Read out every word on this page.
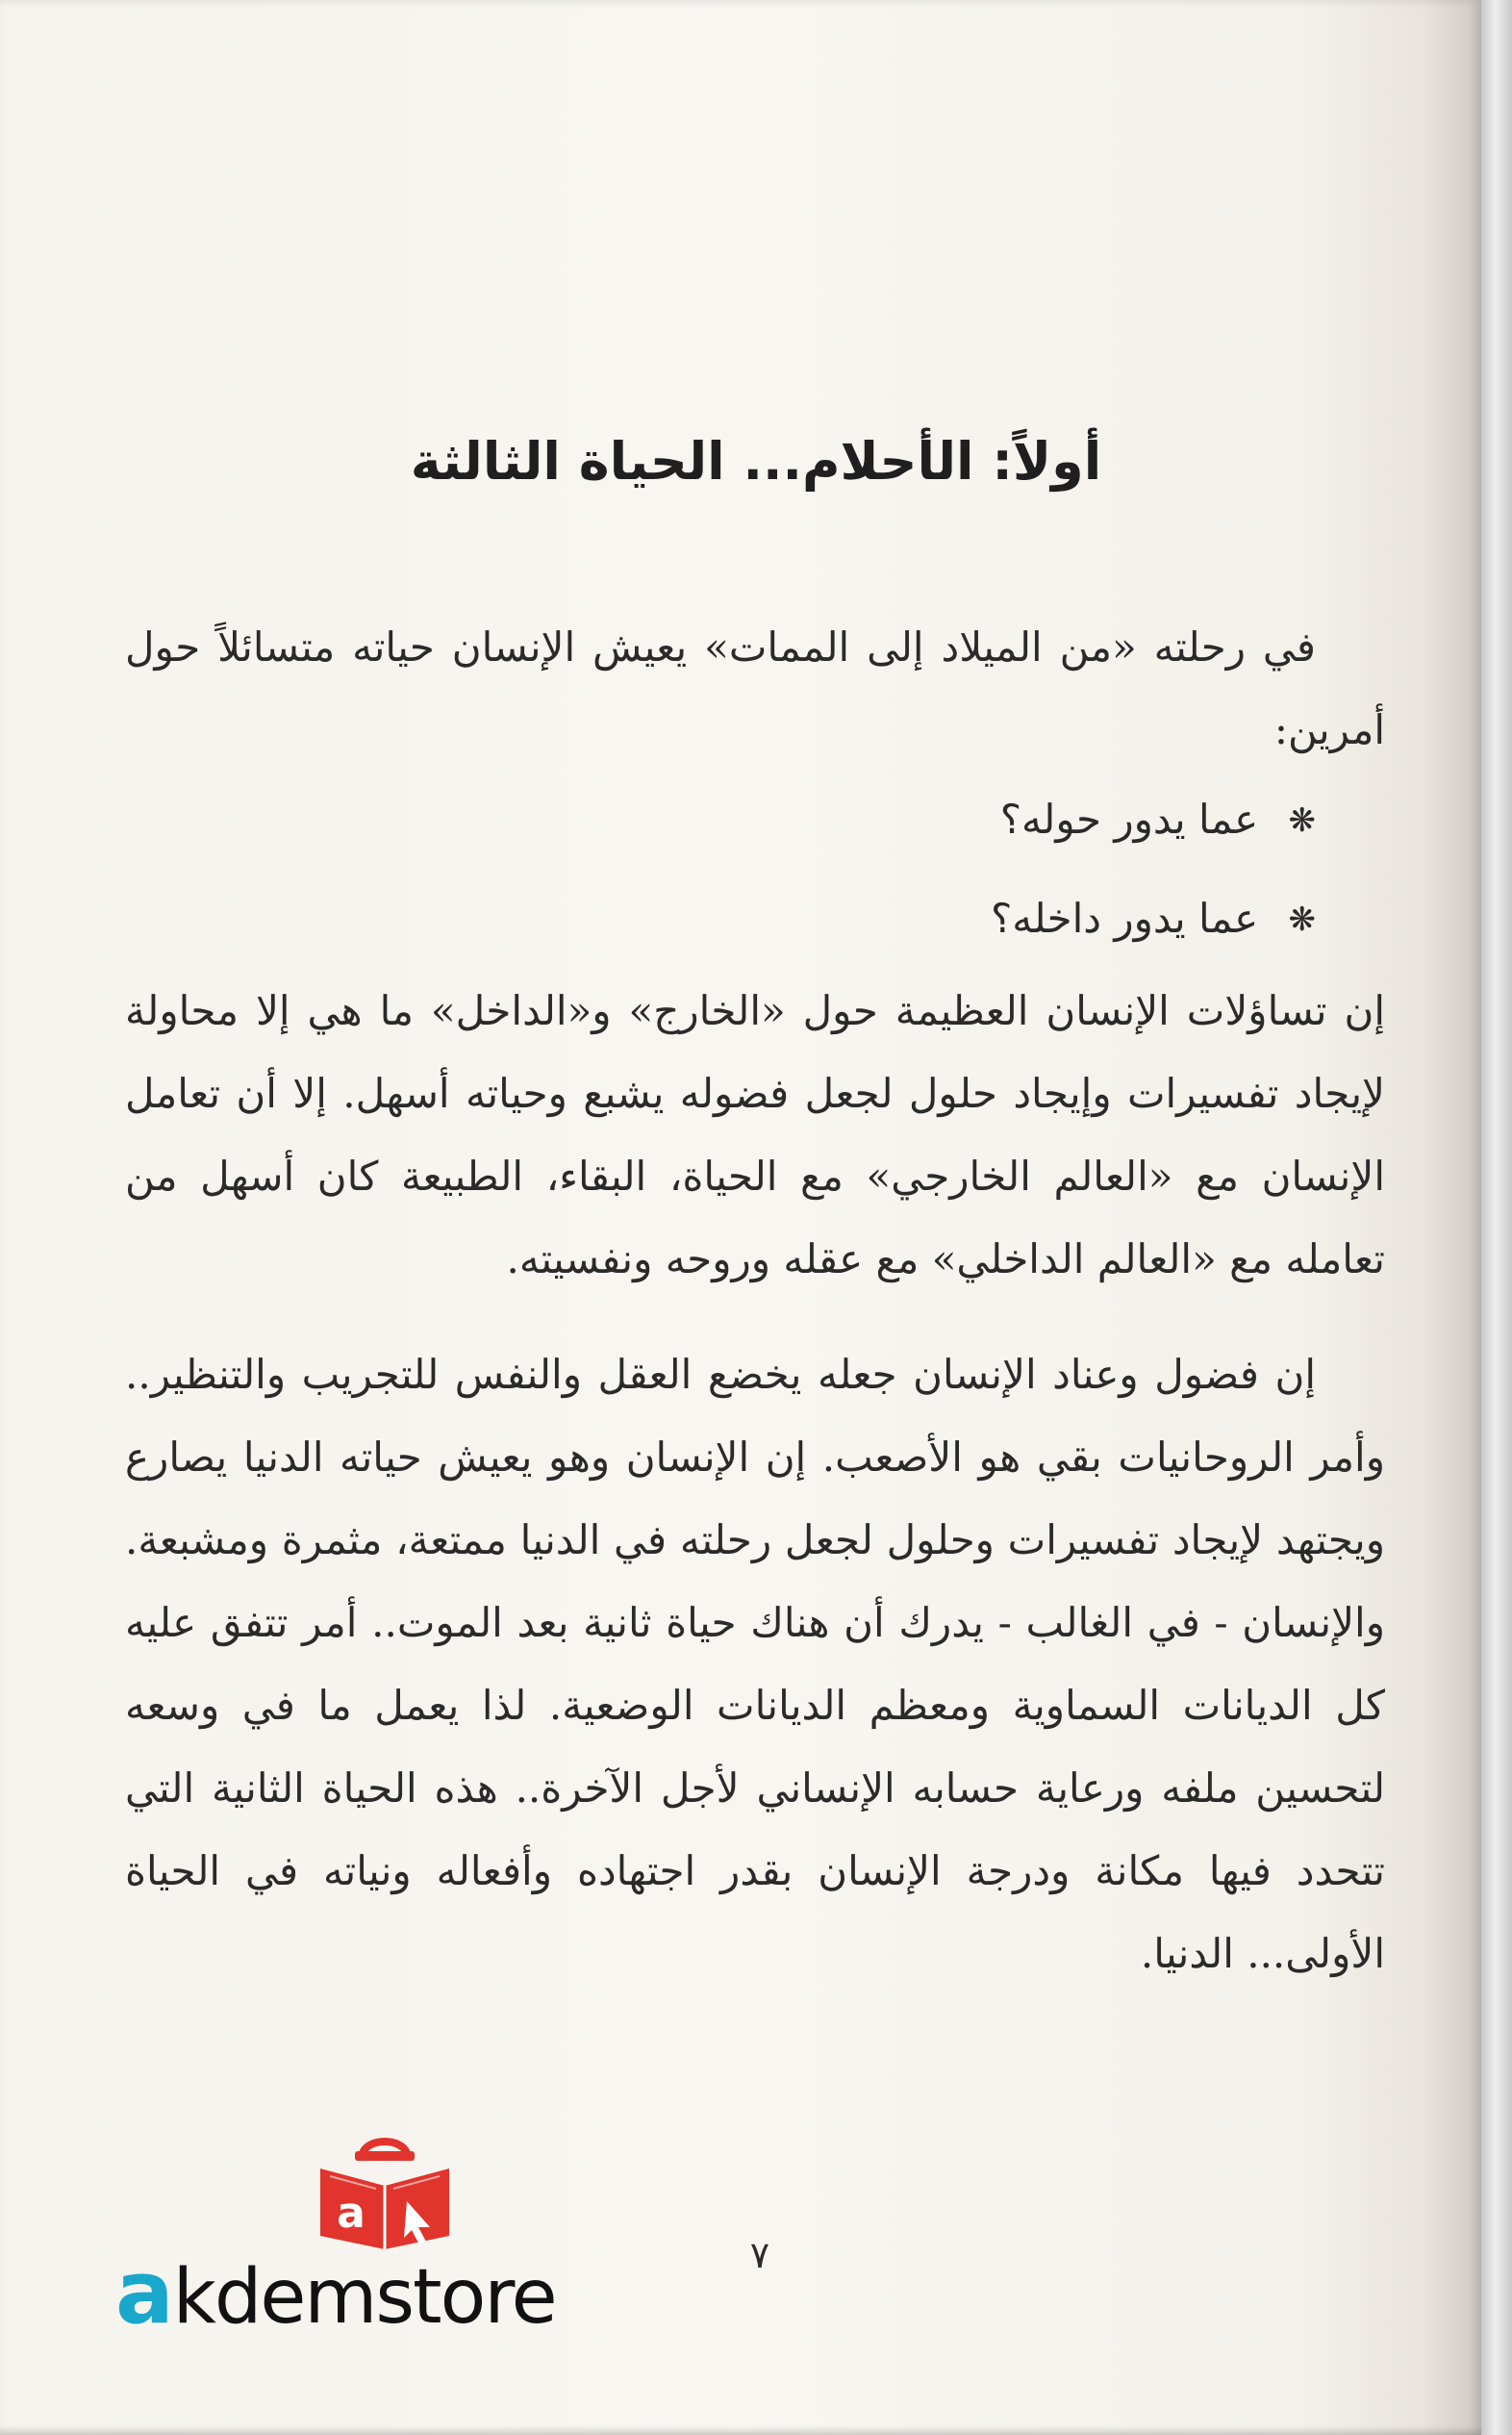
أولاً: الأحلام... الحياة الثالثة

في رحلته «من الميلاد إلى الممات» يعيش الإنسان حياته متسائلاً حول أمرين:

❋ عما يدور حوله؟
❋ عما يدور داخله؟

إن تساؤلات الإنسان العظيمة حول «الخارج» و«الداخل» ما هي إلا محاولة لإيجاد تفسيرات وإيجاد حلول لجعل فضوله يشبع وحياته أسهل. إلا أن تعامل الإنسان مع «العالم الخارجي» مع الحياة، البقاء، الطبيعة كان أسهل من تعامله مع «العالم الداخلي» مع عقله وروحه ونفسيته.

إن فضول وعناد الإنسان جعله يخضع العقل والنفس للتجريب والتنظير.. وأمر الروحانيات بقي هو الأصعب. إن الإنسان وهو يعيش حياته الدنيا يصارع ويجتهد لإيجاد تفسيرات وحلول لجعل رحلته في الدنيا ممتعة، مثمرة ومشبعة. والإنسان - في الغالب - يدرك أن هناك حياة ثانية بعد الموت.. أمر تتفق عليه كل الديانات السماوية ومعظم الديانات الوضعية. لذا يعمل ما في وسعه لتحسين ملفه ورعاية حسابه الإنساني لأجل الآخرة.. هذه الحياة الثانية التي تتحدد فيها مكانة ودرجة الإنسان بقدر اجتهاده وأفعاله ونياته في الحياة الأولى... الدنيا.

٧
a
akdemstore
